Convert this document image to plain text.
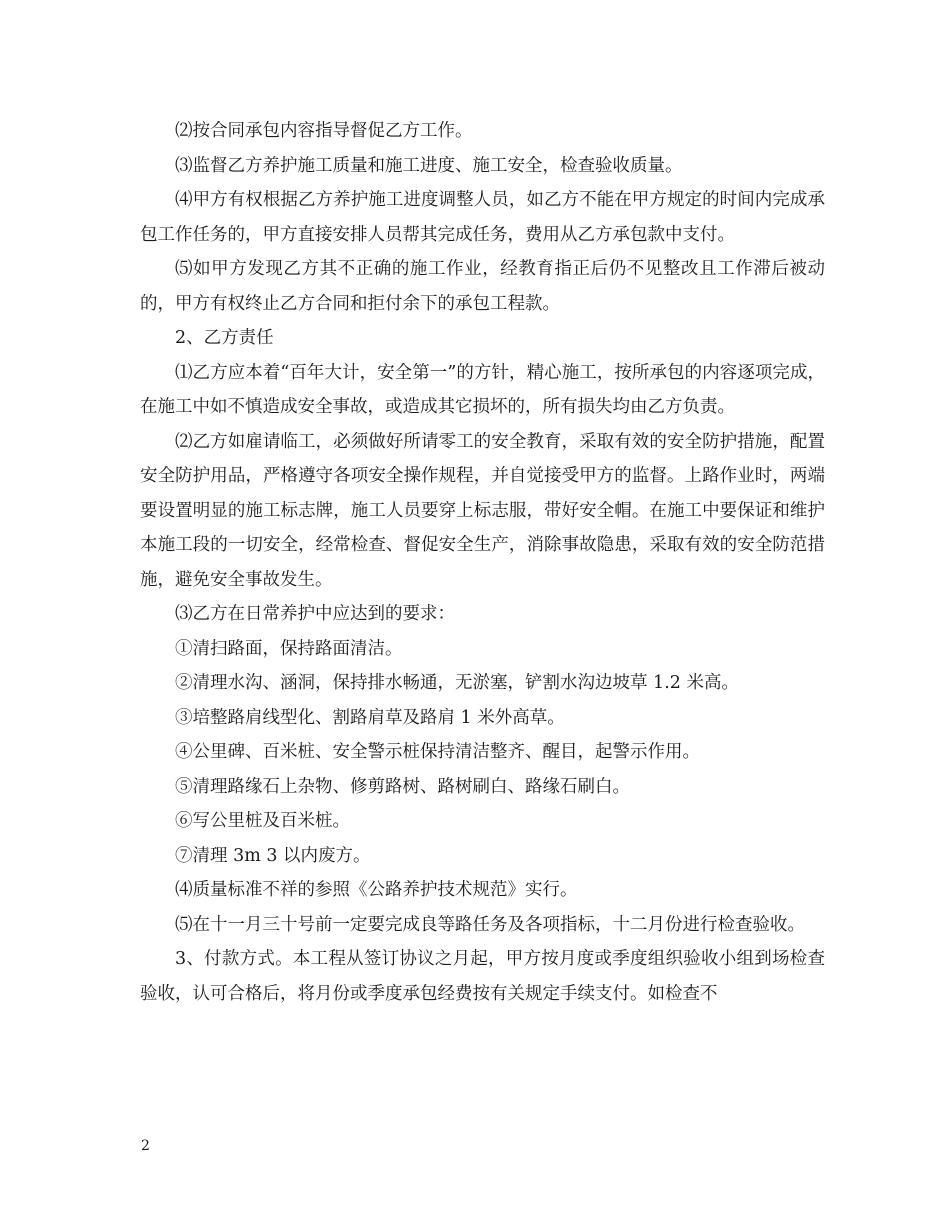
⑵按合同承包内容指导督促乙方工作。

⑶监督乙方养护施工质量和施工进度、施工安全，检查验收质量。

⑷甲方有权根据乙方养护施工进度调整人员，如乙方不能在甲方规定的时间内完成承包工作任务的，甲方直接安排人员帮其完成任务，费用从乙方承包款中支付。

⑸如甲方发现乙方其不正确的施工作业，经教育指正后仍不见整改且工作滞后被动的，甲方有权终止乙方合同和拒付余下的承包工程款。

2、乙方责任

⑴乙方应本着“百年大计，安全第一”的方针，精心施工，按所承包的内容逐项完成，在施工中如不慎造成安全事故，或造成其它损坏的，所有损失均由乙方负责。

⑵乙方如雇请临工，必须做好所请零工的安全教育，采取有效的安全防护措施，配置安全防护用品，严格遵守各项安全操作规程，并自觉接受甲方的监督。上路作业时，两端要设置明显的施工标志牌，施工人员要穿上标志服，带好安全帽。在施工中要保证和维护本施工段的一切安全，经常检查、督促安全生产，消除事故隐患，采取有效的安全防范措施，避免安全事故发生。

⑶乙方在日常养护中应达到的要求：

①清扫路面，保持路面清洁。

②清理水沟、涵洞，保持排水畅通，无淤塞，铲割水沟边坡草 1.2 米高。

③培整路肩线型化、割路肩草及路肩 1 米外高草。

④公里碑、百米桩、安全警示桩保持清洁整齐、醒目，起警示作用。

⑤清理路缘石上杂物、修剪路树、路树刷白、路缘石刷白。

⑥写公里桩及百米桩。

⑦清理 3m 3 以内废方。

⑷质量标准不祥的参照《公路养护技术规范》实行。

⑸在十一月三十号前一定要完成良等路任务及各项指标，十二月份进行检查验收。

3、付款方式。本工程从签订协议之月起，甲方按月度或季度组织验收小组到场检查验收，认可合格后，将月份或季度承包经费按有关规定手续支付。如检查不

2
